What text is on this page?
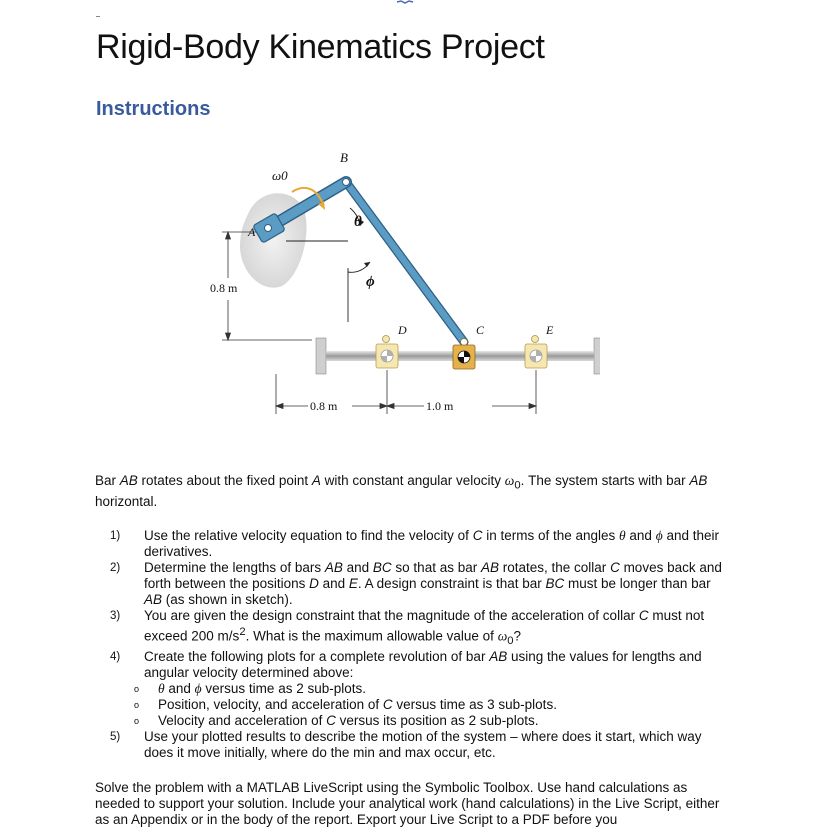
Rigid-Body Kinematics Project
Instructions
ω0
B
A
θ
ϕ
D	C	E
0.8 m
0.8 m	1.0 m
Bar AB rotates about the fixed point A with constant angular velocity $\omega_0$. The system starts with bar AB horizontal.
1)	Use the relative velocity equation to find the velocity of C in terms of the angles θ and ϕ and their derivatives.
2)	Determine the lengths of bars AB and BC so that as bar AB rotates, the collar C moves back and forth between the positions D and E. A design constraint is that bar BC must be longer than bar AB (as shown in sketch).
3)	You are given the design constraint that the magnitude of the acceleration of collar C must not exceed 200 $m/s^2$. What is the maximum allowable value of $\omega_0$?
4)	Create the following plots for a complete revolution of bar AB using the values for lengths and angular velocity determined above:
o θ and ϕ versus time as 2 sub-plots.
o Position, velocity, and acceleration of C versus time as 3 sub-plots.
o Velocity and acceleration of C versus its position as 2 sub-plots.
5)	Use your plotted results to describe the motion of the system – where does it start, which way does it move initially, where do the min and max occur, etc.
Solve the problem with a MATLAB LiveScript using the Symbolic Toolbox. Use hand calculations as needed to support your solution. Include your analytical work (hand calculations) in the Live Script, either as an Appendix or in the body of the report. Export your Live Script to a PDF before you
